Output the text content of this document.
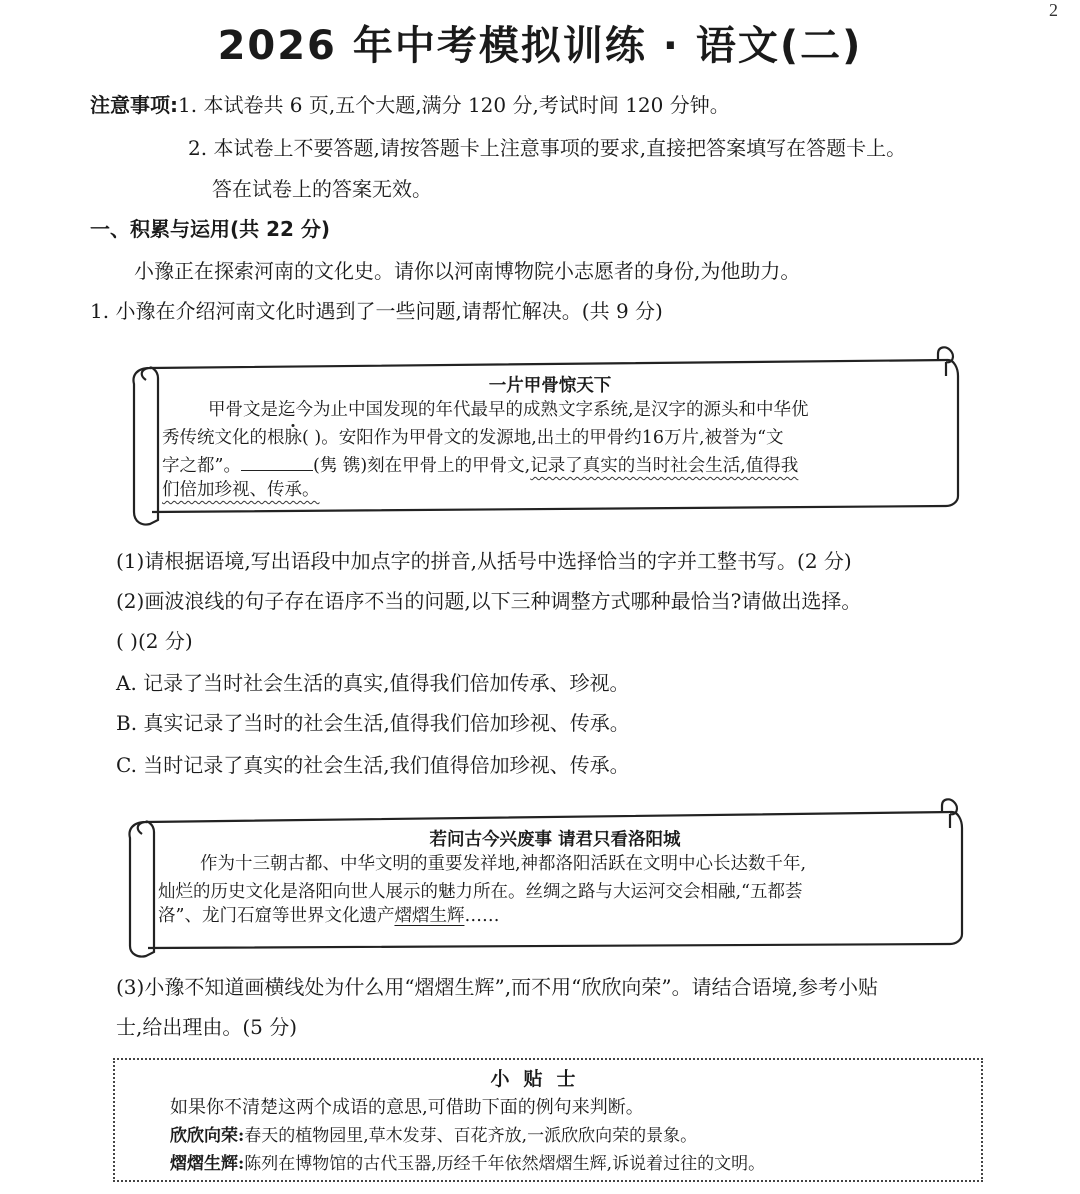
2
2026 年中考模拟训练 · 语文(二)
注意事项:1. 本试卷共 6 页,五个大题,满分 120 分,考试时间 120 分钟。
2. 本试卷上不要答题,请按答题卡上注意事项的要求,直接把答案填写在答题卡上。
答在试卷上的答案无效。
一、积累与运用(共 22 分)
小豫正在探索河南的文化史。请你以河南博物院小志愿者的身份,为他助力。
1. 小豫在介绍河南文化时遇到了一些问题,请帮忙解决。(共 9 分)
一片甲骨惊天下
甲骨文是迄今为止中国发现的年代最早的成熟文字系统,是汉字的源头和中华优
秀传统文化的根脉( )。安阳作为甲骨文的发源地,出土的甲骨约16万片,被誉为“文
字之都”。	(隽 镌)刻在甲骨上的甲骨文,记录了真实的当时社会生活,值得我
们倍加珍视、传承。
(1)请根据语境,写出语段中加点字的拼音,从括号中选择恰当的字并工整书写。(2 分)
(2)画波浪线的句子存在语序不当的问题,以下三种调整方式哪种最恰当?请做出选择。
( )(2 分)
A. 记录了当时社会生活的真实,值得我们倍加传承、珍视。
B. 真实记录了当时的社会生活,值得我们倍加珍视、传承。
C. 当时记录了真实的社会生活,我们值得倍加珍视、传承。
若问古今兴废事 请君只看洛阳城
作为十三朝古都、中华文明的重要发祥地,神都洛阳活跃在文明中心长达数千年,
灿烂的历史文化是洛阳向世人展示的魅力所在。丝绸之路与大运河交会相融,“五都荟
洛”、龙门石窟等世界文化遗产熠熠生辉……
(3)小豫不知道画横线处为什么用“熠熠生辉”,而不用“欣欣向荣”。请结合语境,参考小贴
士,给出理由。(5 分)
小贴士
如果你不清楚这两个成语的意思,可借助下面的例句来判断。
欣欣向荣:春天的植物园里,草木发芽、百花齐放,一派欣欣向荣的景象。
熠熠生辉:陈列在博物馆的古代玉器,历经千年依然熠熠生辉,诉说着过往的文明。
